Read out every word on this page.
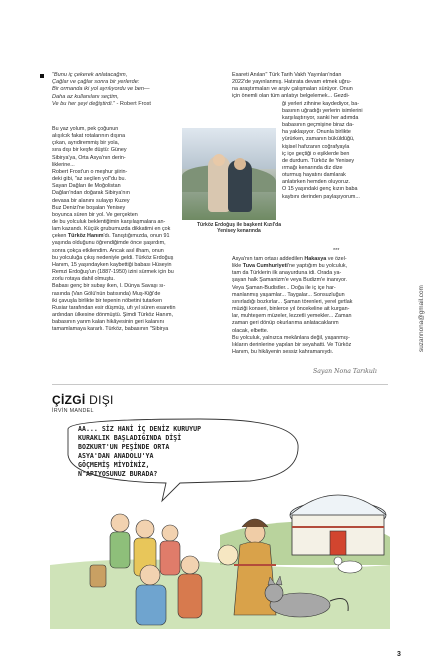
“Bunu iç çekerek anlatacağım,
Çağlar ve çağlar sonra bir yerlerde:
Bir ormanda iki yol ayrılıyordu ve ben—
Daha az kullanılanı seçtim,
Ve bu her şeyi değiştirdi.” - Robert Frost

Bu yaz yolum, pek çoğunun

alışılcık fakat rotalarının dışına

çıkan, ayrıdiremmiş bir yola,

sıra dışı bir keşfe düştü: Güney

Sibirya'ya, Orta Asya'nın derin-

liklerine...

Robert Frost'un o meşhur şiirin-

deki gibi, "az seçilen yol"du bu.

Sayan Dağları ile Moğolistan

Dağları'ndan doğarak Sibirya'nın

devasa bir alanını sulayıp Kuzey

Buz Denizi'ne boşalan Yenisey

boyunca süren bir yol. Ve gerçekten

de bu yolculuk beklentiğimin karşılaşmalara an-

lam kazandı. Küçük grubumuzda dikkatimi en çok

çeken Türköz Hanım'dı. Tanıştığımızda, onun 91

yaşında olduğunu öğrendiğimde önce şaşırdım,

sonra çokça etkilendim. Ancak asıl ilham, onun

bu yolculuğa çıkış nedeniyle geldi. Türköz Erdoğuş

Hanım, 15 yaşındayken kaybettiği babası Hüseyin

Remzi Erdoğuş'un (1887-1950) izini sürmek için bu

zorlu rotaya dahil olmuştu.

Babası genç bir subay iken, I. Dünya Savaşı sı-

rasında (Van Gölü'nün batısında) Muş-Kiği'de

iki çavuşla birlikte bir tepenin nöbetini tutarken

Rusiar tarafından esir düşmüş, ufı yıl süren esaretin

ardından ülkesine dönmüştü. Şimdi Türköz Hanım,

babasının yarım kalan hikâyesinin geri kalanını

tamamlamaya kararlı. Türköz, babasının "Sibirya

Türköz Erdoğuş ile başkent Kızıl'da Yenisey kenarında

Esareti Anıları" Türk Tarih Vakfı Yayınları'ndan

2022'de yayınlanmış. Hatırata devam etmek uğru-

na araştırmaları ve arşiv çalışmaları sürüyor. Onun

için önemli olan tüm anlatıyı belgelemek... Gezdi-

ği yerleri zihnine kaydediyor, ba-

basının uğradığı yerlerin isimlerini

karşılaştırıyor, sanki her adımda

babasının geçmişine biraz da-

ha yaklaşıyor. Onunla birlikte

yürürken, zamanın büküldüğü,

kişisel hafızanın coğrafyayla

iç içe geçtiği o eşiklerde ben

de durdum. Türköz ile Yenisey

ırmağı kenarında diz dize

oturmuş hayatını damlarak

anlatırken hemden oluyoruz.

O 15 yaşındaki genç kızın baba

kaybını derinden paylaşıyorum...

***

Asya'nın tam ortası addedilen Hakasya ve özel-

likle Tuva Cumhuriyeti'ne yaptığım bu yolculuk,

tam da Türklerin ilk anayurduna idi. Orada ya-

şayan halk Şamanizm'e veya Budizm'e inanıyor.

Veya Şaman-Budistler... Doğa ile iç içe har-

manlanmış yaşamlar... Taygalar... Sonsuzluğun

sınırladığı bozkırlar... Şaman törenleri, yerel gırtlak

müziği konseri, binlerce yıl öncekeline ait kurgan-

lar, muhteşem müzeler, lezzetli yemekler... Zaman

zaman geri dönüp okurlarıma anlatacaklarım

olacak, elbette.

Bu yolculuk, yalnızca mekânlara değil, yaşanmış-

lıkların derinlerine yapılan bir seyahatti. Ve Türköz

Hanım, bu hikâyenin sessiz kahramanıydı.

Sayan Nona Tarıkulı
suzannona@gmail.com
ÇİZGİ DIŞI
İRVİN MANDEL
AA... SİZ HANİ İÇ DENİZ KURUYUP
KURAKLIK BAŞLADIĞINDA DİŞİ
BOZKURT'UN PEŞİNDE ORTA
ASYA'DAN ANADOLU'YA
GÖÇMEMİŞ MİYDİNİZ,
N'APIYOSUNUZ BURADA?
3
